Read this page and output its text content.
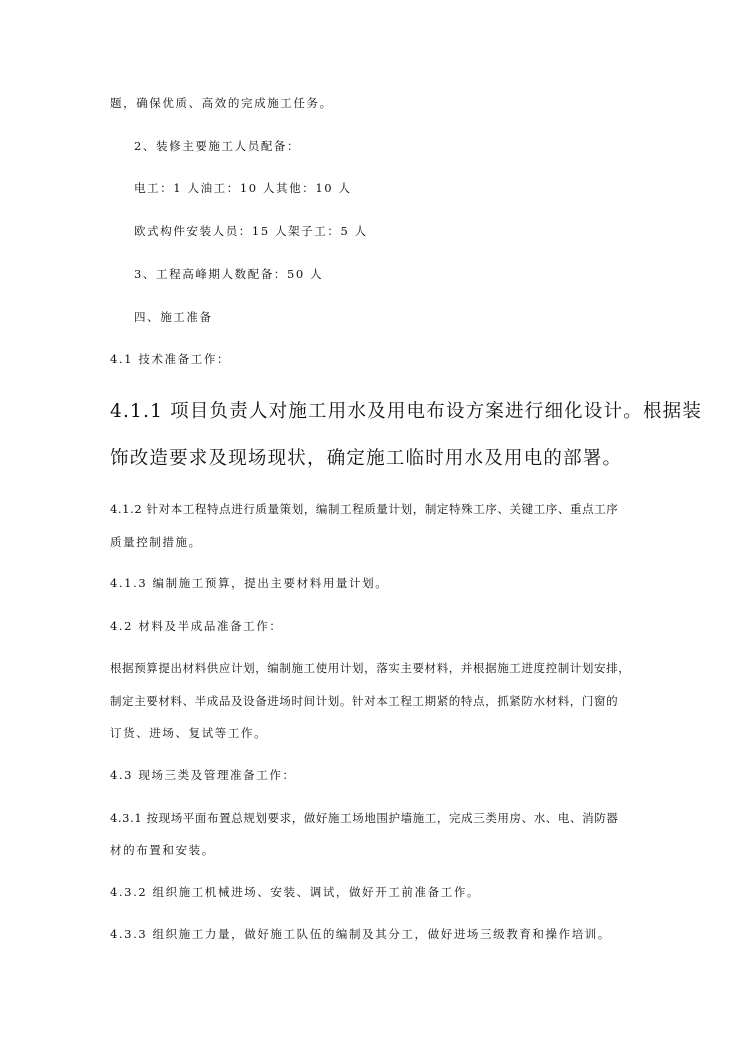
题，确保优质、高效的完成施工任务。
2、装修主要施工人员配备：
电工：1 人油工：10 人其他：10 人
欧式构件安装人员：15 人架子工：5 人
3、工程高峰期人数配备：50 人
四、施工准备
4.1 技术准备工作：
4.1.1 项目负责人对施工用水及用电布设方案进行细化设计。根据装
饰改造要求及现场现状，确定施工临时用水及用电的部署。
4.1.2 针对本工程特点进行质量策划，编制工程质量计划，制定特殊工序、关键工序、重点工序
质量控制措施。
4.1.3 编制施工预算，提出主要材料用量计划。
4.2 材料及半成品准备工作：
根据预算提出材料供应计划，编制施工使用计划，落实主要材料，并根据施工进度控制计划安排，
制定主要材料、半成品及设备进场时间计划。针对本工程工期紧的特点，抓紧防水材料，门窗的
订货、进场、复试等工作。
4.3 现场三类及管理准备工作：
4.3.1 按现场平面布置总规划要求，做好施工场地围护墙施工，完成三类用房、水、电、消防器
材的布置和安装。
4.3.2 组织施工机械进场、安装、调试，做好开工前准备工作。
4.3.3 组织施工力量，做好施工队伍的编制及其分工，做好进场三级教育和操作培训。
